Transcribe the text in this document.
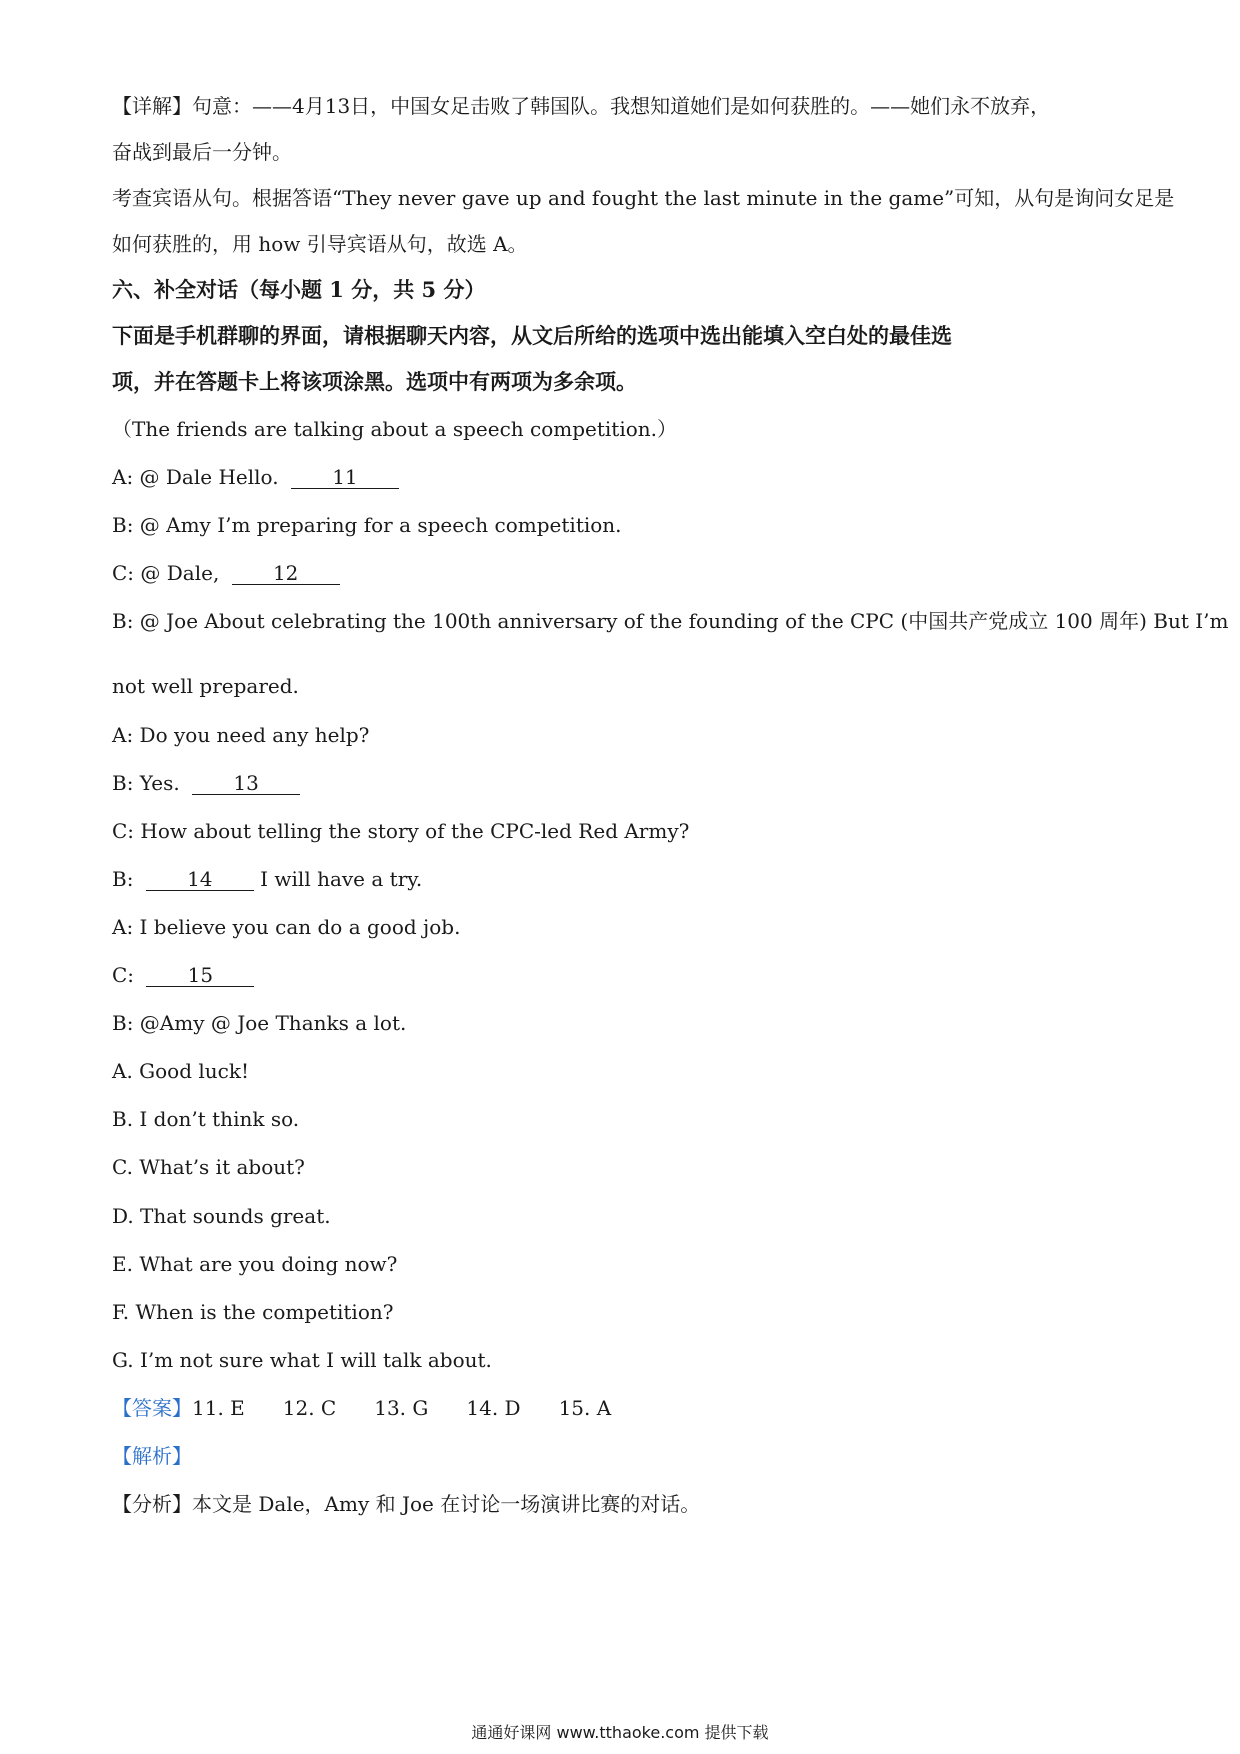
【详解】句意：——4月13日，中国女足击败了韩国队。我想知道她们是如何获胜的。——她们永不放弃，
奋战到最后一分钟。
考查宾语从句。根据答语“They never gave up and fought the last minute in the game”可知，从句是询问女足是
如何获胜的，用 how 引导宾语从句，故选 A。
六、补全对话（每小题 1 分，共 5 分）
下面是手机群聊的界面，请根据聊天内容，从文后所给的选项中选出能填入空白处的最佳选
项，并在答题卡上将该项涂黑。选项中有两项为多余项。
（The friends are talking about a speech competition.）
A: @ Dale Hello.	11
B: @ Amy I’m preparing for a speech competition.
C: @ Dale,	12
B: @ Joe About celebrating the 100th anniversary of the founding of the CPC (中国共产党成立 100 周年) But I’m
not well prepared.
A: Do you need any help?
B: Yes.	13
C: How about telling the story of the CPC-led Red Army?
B:	14 I will have a try.
A: I believe you can do a good job.
C:	15
B: @Amy @ Joe Thanks a lot.
A. Good luck!
B. I don’t think so.
C. What’s it about?
D. That sounds great.
E. What are you doing now?
F. When is the competition?
G. I’m not sure what I will talk about.
【答案】11. E 12. C 13. G 14. D 15. A
【解析】
【分析】本文是 Dale，Amy 和 Joe 在讨论一场演讲比赛的对话。
通通好课网 www.tthaoke.com 提供下载
